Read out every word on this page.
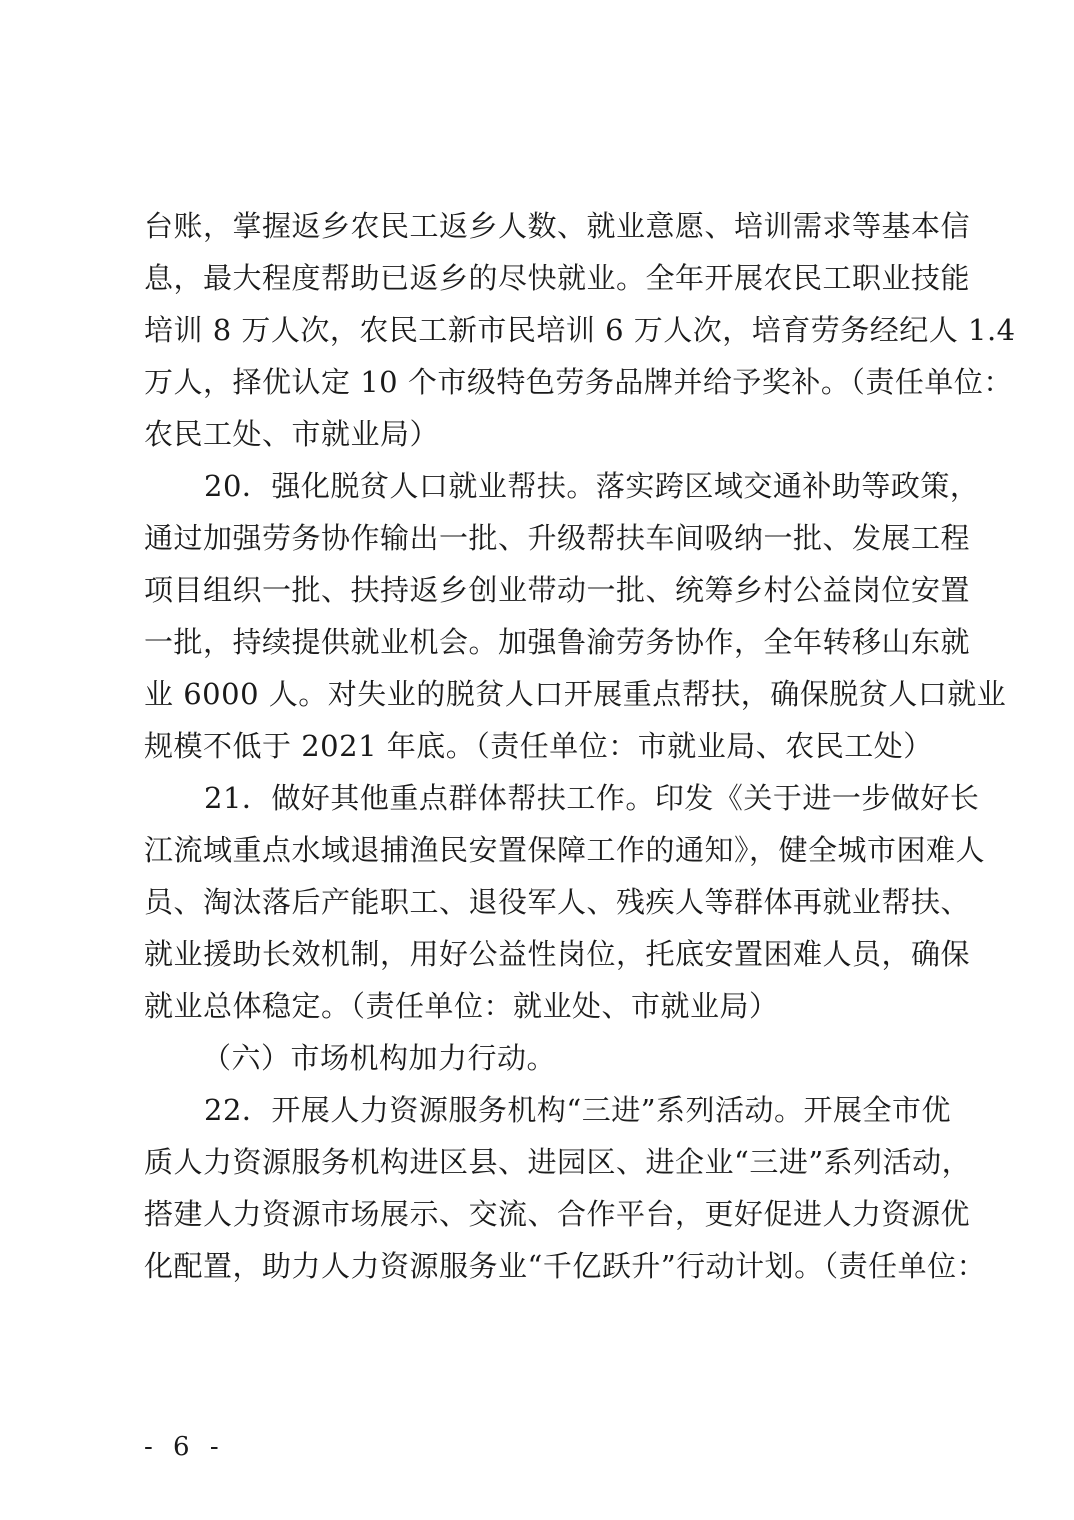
台账，掌握返乡农民工返乡人数、就业意愿、培训需求等基本信
息，最大程度帮助已返乡的尽快就业。全年开展农民工职业技能
培训 8 万人次，农民工新市民培训 6 万人次，培育劳务经纪人 1.4
万人，择优认定 10 个市级特色劳务品牌并给予奖补。（责任单位：
农民工处、市就业局）
20．强化脱贫人口就业帮扶。落实跨区域交通补助等政策，
通过加强劳务协作输出一批、升级帮扶车间吸纳一批、发展工程
项目组织一批、扶持返乡创业带动一批、统筹乡村公益岗位安置
一批，持续提供就业机会。加强鲁渝劳务协作，全年转移山东就
业 6000 人。对失业的脱贫人口开展重点帮扶，确保脱贫人口就业
规模不低于 2021 年底。（责任单位：市就业局、农民工处）
21．做好其他重点群体帮扶工作。印发《关于进一步做好长
江流域重点水域退捕渔民安置保障工作的通知》，健全城市困难人
员、淘汰落后产能职工、退役军人、残疾人等群体再就业帮扶、
就业援助长效机制，用好公益性岗位，托底安置困难人员，确保
就业总体稳定。（责任单位：就业处、市就业局）
（六）市场机构加力行动。
22．开展人力资源服务机构“三进”系列活动。开展全市优
质人力资源服务机构进区县、进园区、进企业“三进”系列活动，
搭建人力资源市场展示、交流、合作平台，更好促进人力资源优
化配置，助力人力资源服务业“千亿跃升”行动计划。（责任单位：
- 6 -
